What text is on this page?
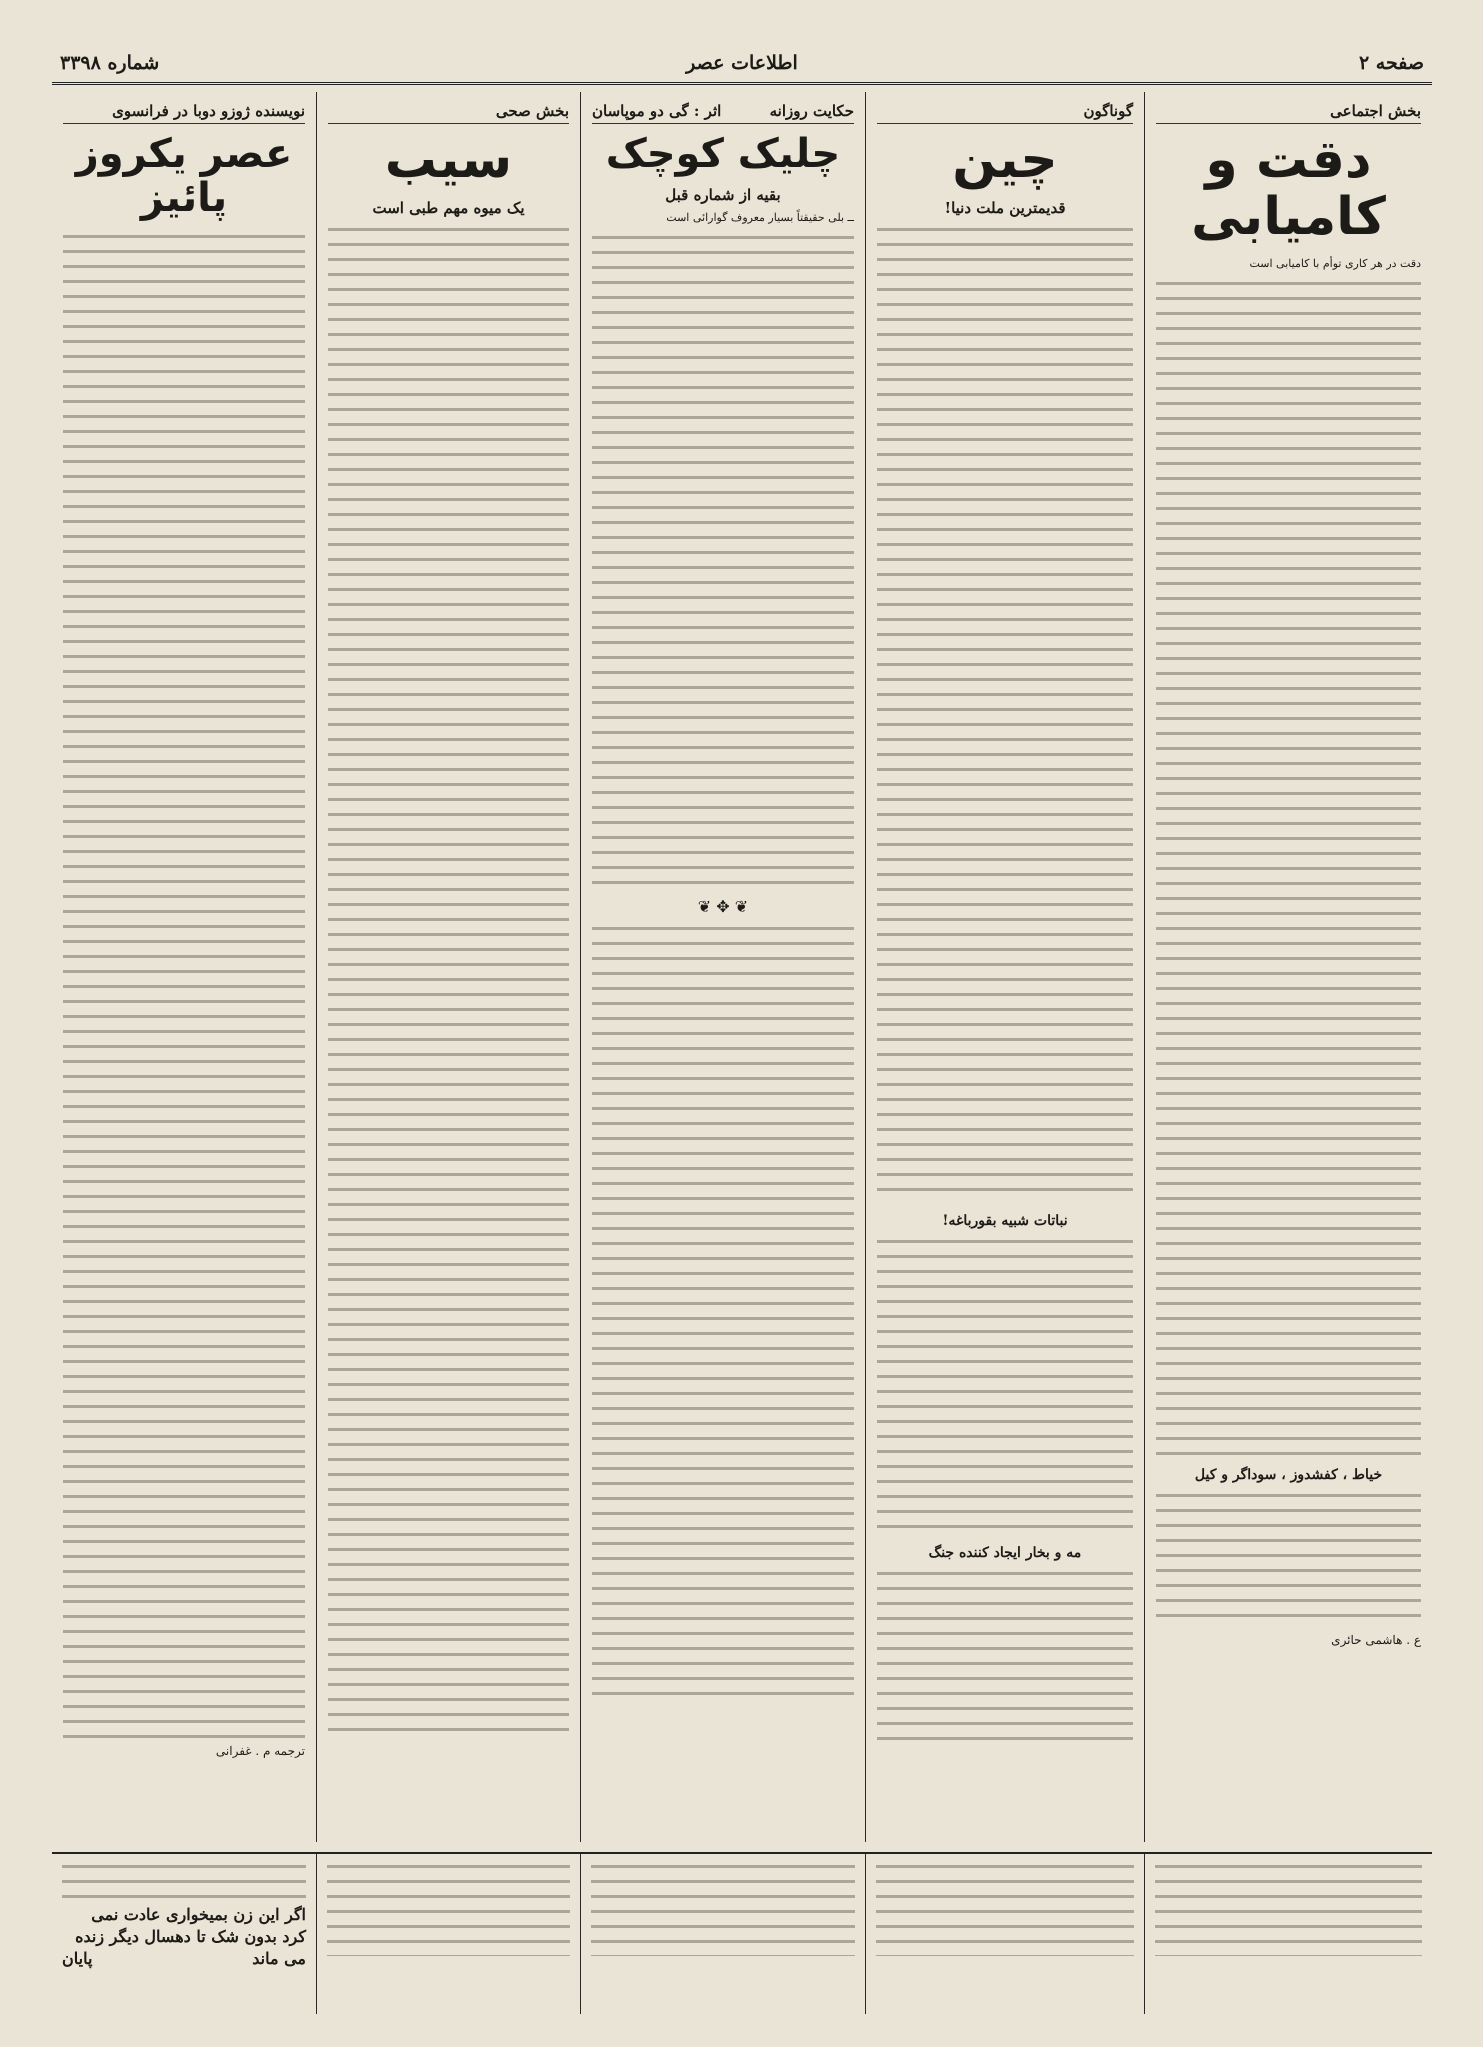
صفحه ۲
اطلاعات عصر
شماره ۳۳۹۸
بخش اجتماعی
دقت و کامیابی

دقت در هر کاری توأم با کامیابی است

خیاط ، کفشدوز ، سوداگر و کیل
ع . هاشمی حائری
گوناگون
چین
قدیمترین ملت دنیا!
نباتات شبیه بقورباغه!
مه و بخار ایجاد کننده جنگ
حکایت روزانه
اثر : گی دو موپاسان
چلیک کوچک
بقیه از شماره قبل

ــ بلی حقیقتاً بسیار معروف گوارائی است

❦ ✥ ❦
بخش صحی
سیب
یک میوه مهم طبی است
نویسنده ژوزو دوبا در فرانسوی
عصر یکروز پائیز
ترجمه م . غفرانی
اگر این زن بمیخواری عادت نمی
کرد بدون شک تا دهسال دیگر زنده
می ماند
پایان
